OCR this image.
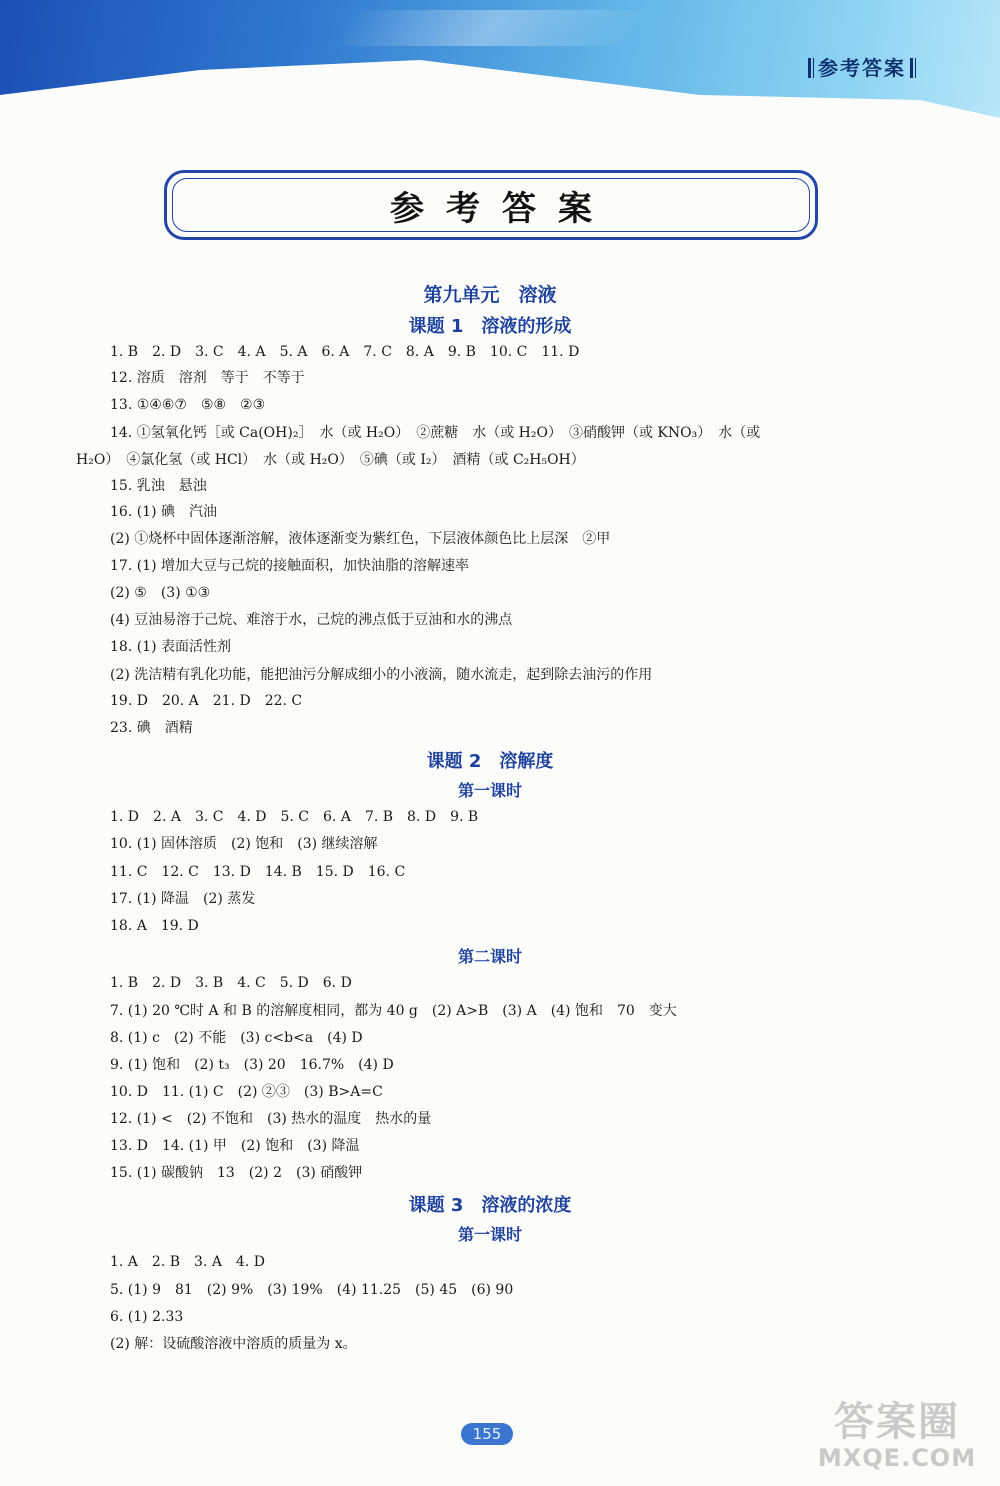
参考答案
参考答案
第九单元　溶液
课题 1　溶液的形成
1. B　2. D　3. C　4. A　5. A　6. A　7. C　8. A　9. B　10. C　11. D
12. 溶质　溶剂　等于　不等于
13. ①④⑥⑦　⑤⑧　②③
14. ①氢氧化钙［或 Ca(OH)₂］　水（或 H₂O）　②蔗糖　水（或 H₂O）　③硝酸钾（或 KNO₃）　水（或
H₂O）　④氯化氢（或 HCl）　水（或 H₂O）　⑤碘（或 I₂）　酒精（或 C₂H₅OH）
15. 乳浊　悬浊
16. (1) 碘　汽油
(2) ①烧杯中固体逐渐溶解，液体逐渐变为紫红色，下层液体颜色比上层深　②甲
17. (1) 增加大豆与己烷的接触面积，加快油脂的溶解速率
(2) ⑤　(3) ①③
(4) 豆油易溶于己烷、难溶于水，己烷的沸点低于豆油和水的沸点
18. (1) 表面活性剂
(2) 洗洁精有乳化功能，能把油污分解成细小的小液滴，随水流走，起到除去油污的作用
19. D　20. A　21. D　22. C
23. 碘　酒精
课题 2　溶解度
第一课时
1. D　2. A　3. C　4. D　5. C　6. A　7. B　8. D　9. B
10. (1) 固体溶质　(2) 饱和　(3) 继续溶解
11. C　12. C　13. D　14. B　15. D　16. C
17. (1) 降温　(2) 蒸发
18. A　19. D
第二课时
1. B　2. D　3. B　4. C　5. D　6. D
7. (1) 20 ℃时 A 和 B 的溶解度相同，都为 40 g　(2) A>B　(3) A　(4) 饱和　70　变大
8. (1) c　(2) 不能　(3) c<b<a　(4) D
9. (1) 饱和　(2) t₃　(3) 20　16.7%　(4) D
10. D　11. (1) C　(2) ②③　(3) B>A=C
12. (1) <　(2) 不饱和　(3) 热水的温度　热水的量
13. D　14. (1) 甲　(2) 饱和　(3) 降温
15. (1) 碳酸钠　13　(2) 2　(3) 硝酸钾
课题 3　溶液的浓度
第一课时
1. A　2. B　3. A　4. D
5. (1) 9　81　(2) 9%　(3) 19%　(4) 11.25　(5) 45　(6) 90
6. (1) 2.33
(2) 解：设硫酸溶液中溶质的质量为 x。
155	答案圈
MXQE.COM
